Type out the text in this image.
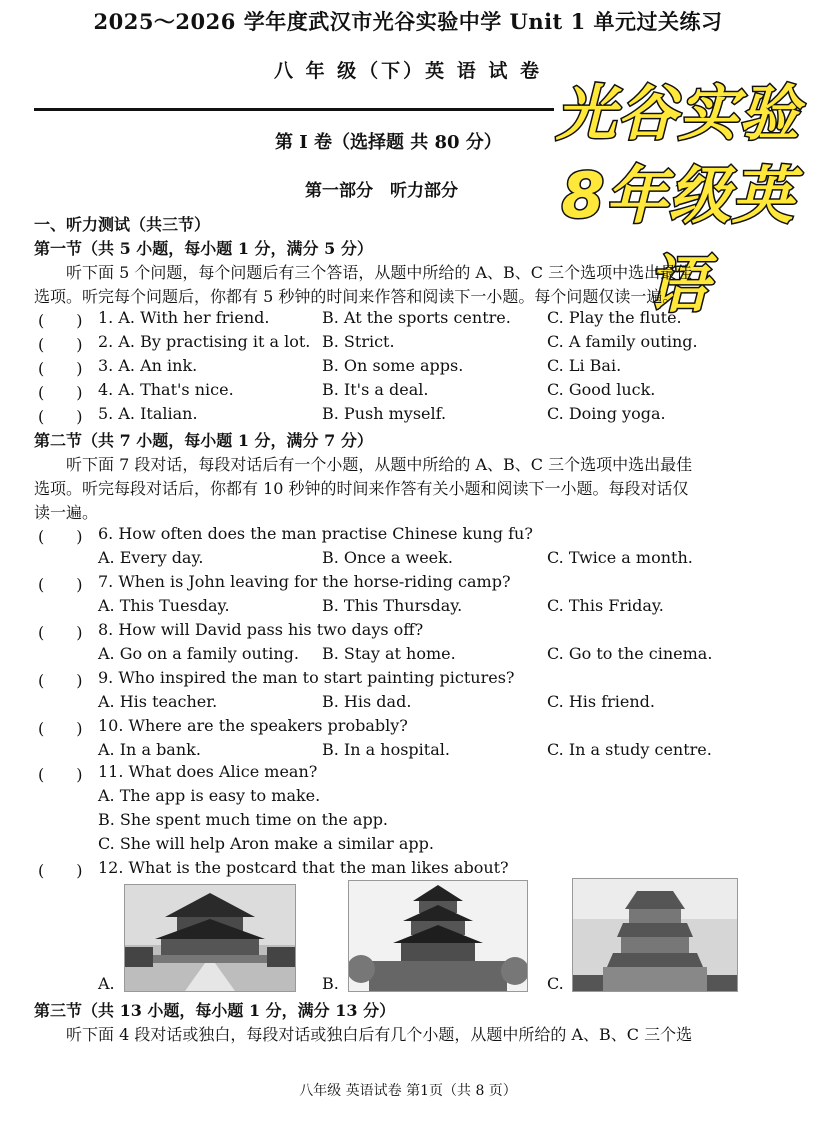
2025～2026 学年度武汉市光谷实验中学 Unit 1 单元过关练习
八 年 级（下）英 语 试 卷
第 I 卷（选择题 共 80 分）
第一部分　听力部分
光谷实验
8年级英语
一、听力测试（共三节）
第一节（共 5 小题，每小题 1 分，满分 5 分）
听下面 5 个问题，每个问题后有三个答语，从题中所给的 A、B、C 三个选项中选出最佳
选项。听完每个问题后，你都有 5 秒钟的时间来作答和阅读下一小题。每个问题仅读一遍。
(　　) 1. A. With her friend.	B. At the sports centre. C. Play the flute.
(　　) 2. A. By practising it a lot. B. Strict.	C. A family outing.
(　　) 3. A. An ink.	B. On some apps.	C. Li Bai.
(　　) 4. A. That's nice.	B. It's a deal.	C. Good luck.
(　　) 5. A. Italian.	B. Push myself.	C. Doing yoga.
第二节（共 7 小题，每小题 1 分，满分 7 分）
听下面 7 段对话，每段对话后有一个小题，从题中所给的 A、B、C 三个选项中选出最佳
选项。听完每段对话后，你都有 10 秒钟的时间来作答有关小题和阅读下一小题。每段对话仅
读一遍。
(　　) 6. How often does the man practise Chinese kung fu?
A. Every day.	B. Once a week.	C. Twice a month.
(　　) 7. When is John leaving for the horse-riding camp?
A. This Tuesday.	B. This Thursday.	C. This Friday.
(　　) 8. How will David pass his two days off?
A. Go on a family outing. B. Stay at home.	C. Go to the cinema.
(　　) 9. Who inspired the man to start painting pictures?
A. His teacher.	B. His dad.	C. His friend.
(　　) 10. Where are the speakers probably?
A. In a bank.	B. In a hospital.	C. In a study centre.
(　　) 11. What does Alice mean?
A. The app is easy to make.
B. She spent much time on the app.
C. She will help Aron make a similar app.
(　　) 12. What is the postcard that the man likes about?
A.	B.	C.
第三节（共 13 小题，每小题 1 分，满分 13 分）
听下面 4 段对话或独白，每段对话或独白后有几个小题，从题中所给的 A、B、C 三个选
八年级 英语试卷 第1页（共 8 页）
